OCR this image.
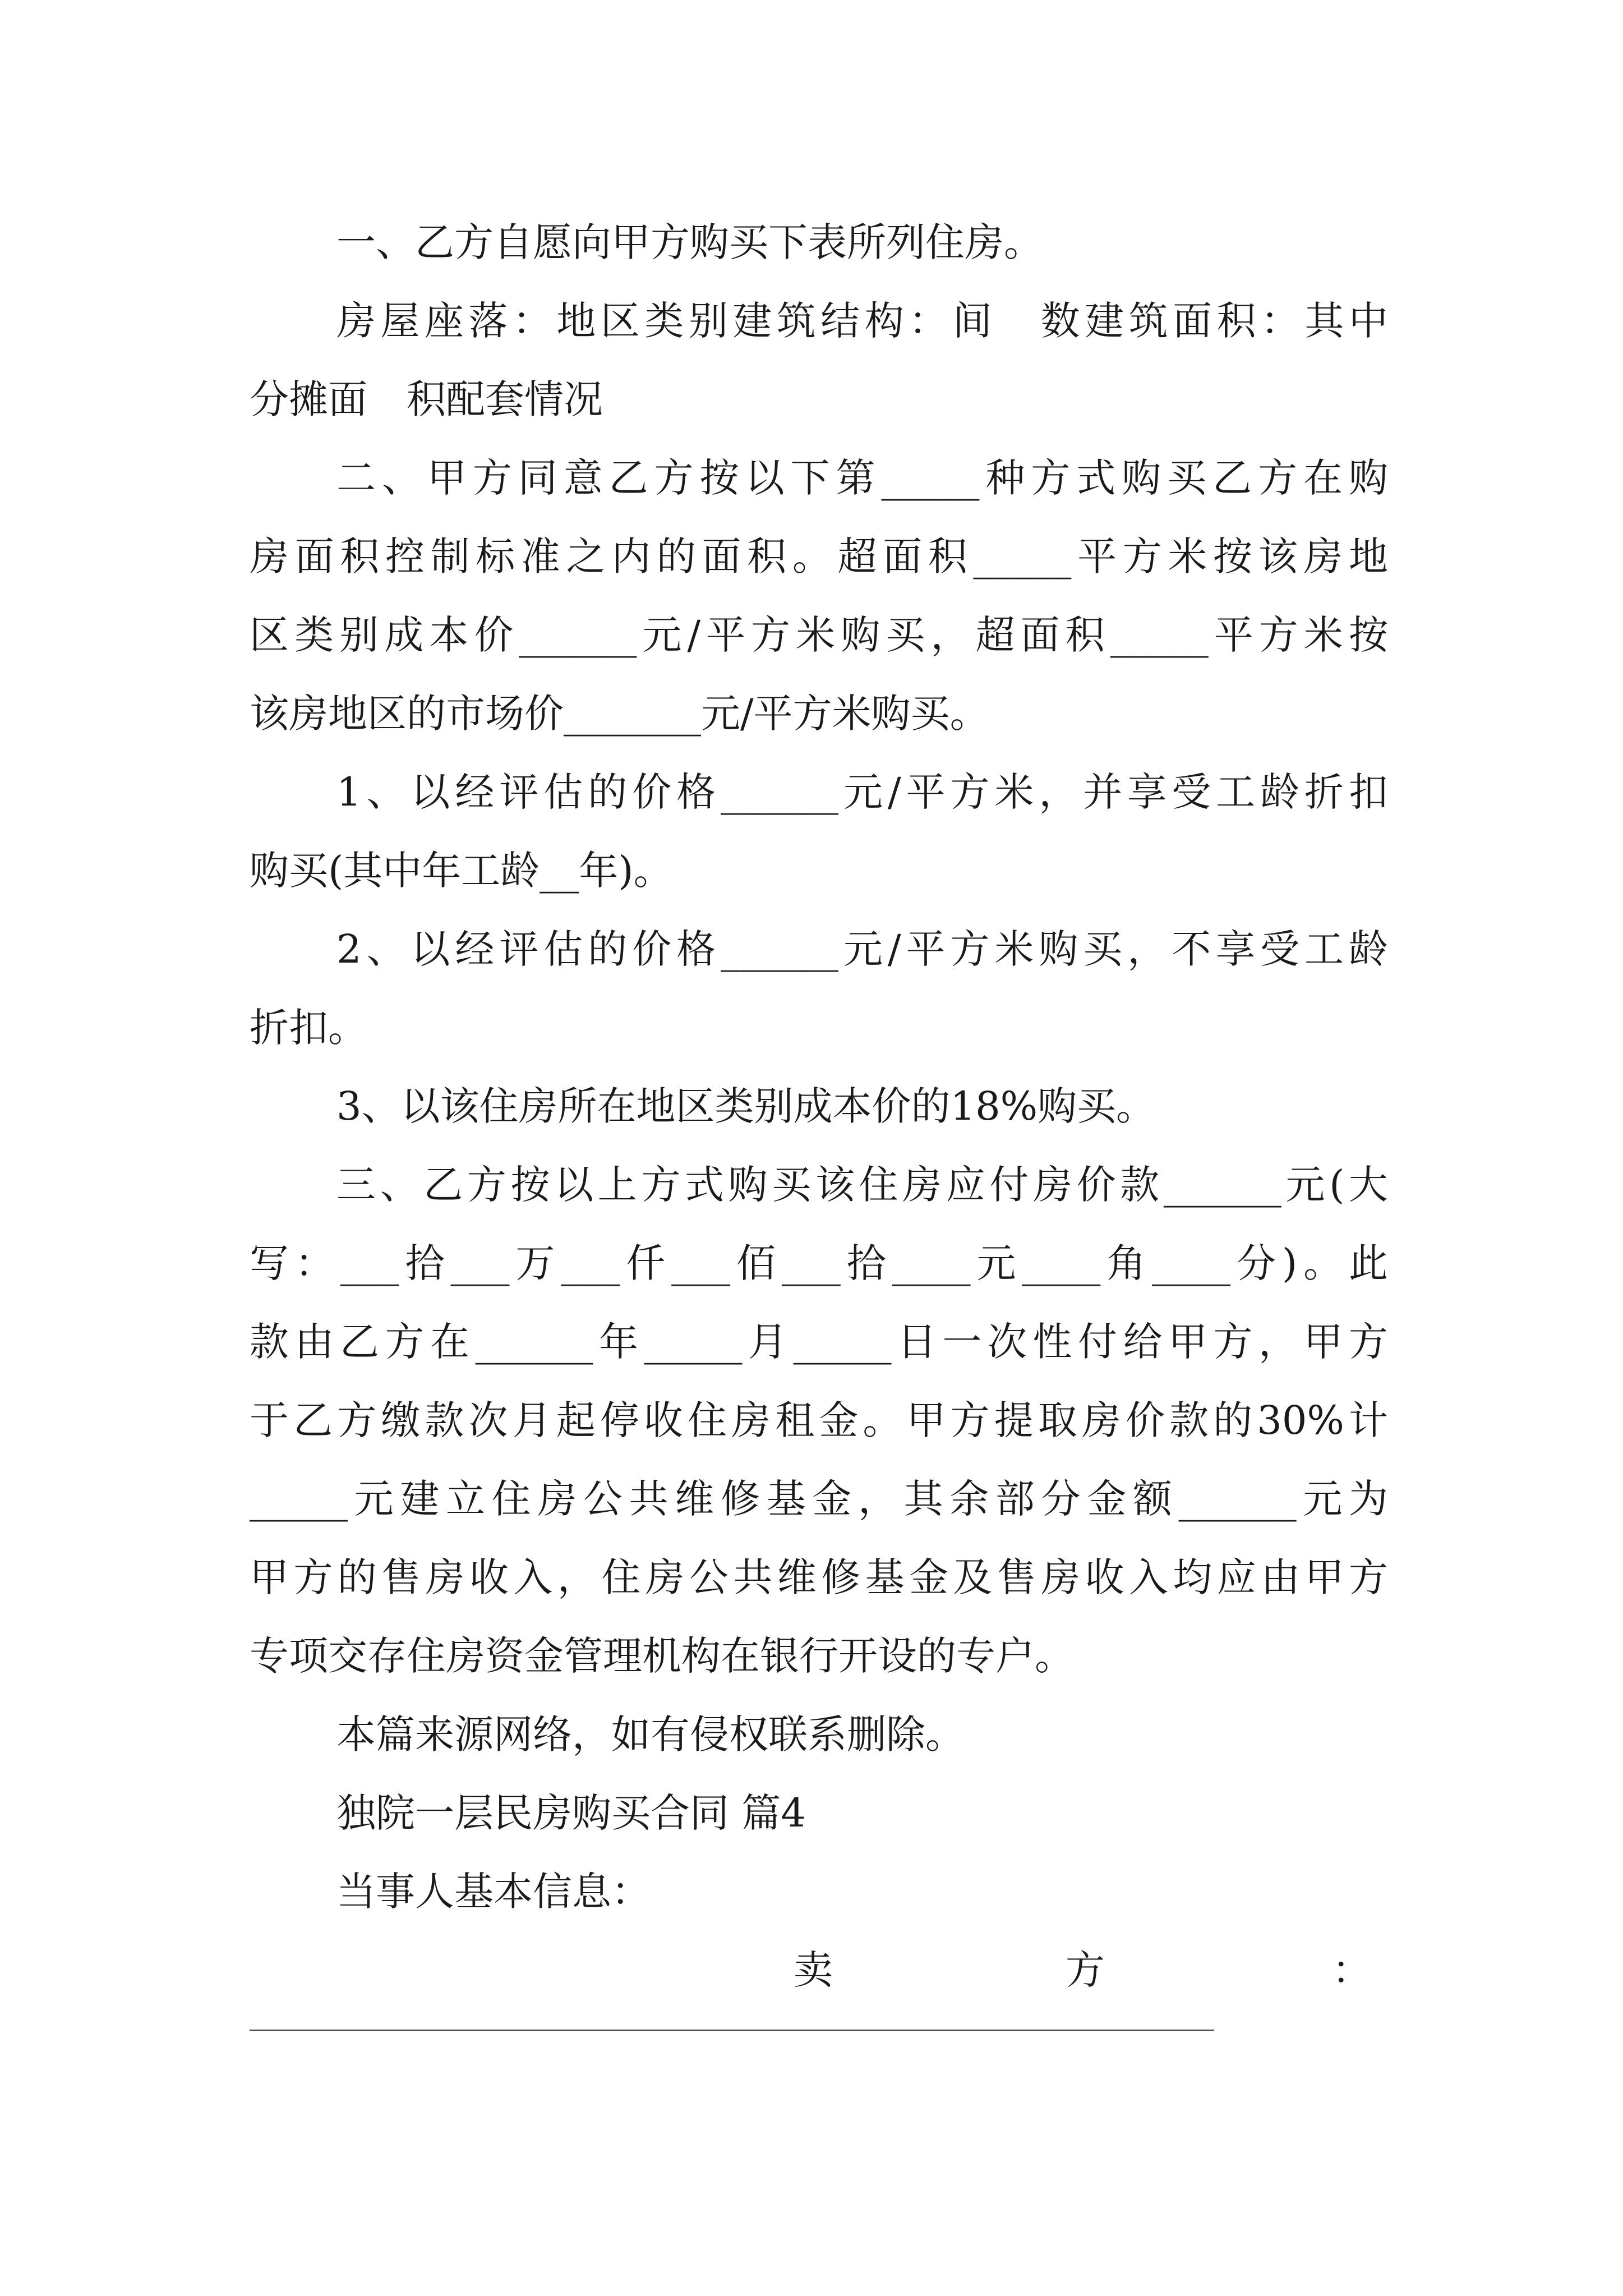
一、乙方自愿向甲方购买下表所列住房。
房屋座落：地区类别建筑结构：间　数建筑面积：其中
分摊面　积配套情况
二、甲方同意乙方按以下第_____种方式购买乙方在购
房面积控制标准之内的面积。超面积_____平方米按该房地
区类别成本价______元/平方米购买，超面积_____平方米按
该房地区的市场价_______元/平方米购买。
1、以经评估的价格______元/平方米，并享受工龄折扣
购买(其中年工龄__年)。
2、以经评估的价格______元/平方米购买，不享受工龄
折扣。
3、以该住房所在地区类别成本价的18%购买。
三、乙方按以上方式购买该住房应付房价款______元(大
写：___拾___万___仟___佰___拾____元____角____分)。此
款由乙方在______年_____月_____日一次性付给甲方，甲方
于乙方缴款次月起停收住房租金。甲方提取房价款的30%计
_____元建立住房公共维修基金，其余部分金额______元为
甲方的售房收入，住房公共维修基金及售房收入均应由甲方
专项交存住房资金管理机构在银行开设的专户。
本篇来源网络，如有侵权联系删除。
独院一层民房购买合同 篇4
当事人基本信息：
卖	方	：
